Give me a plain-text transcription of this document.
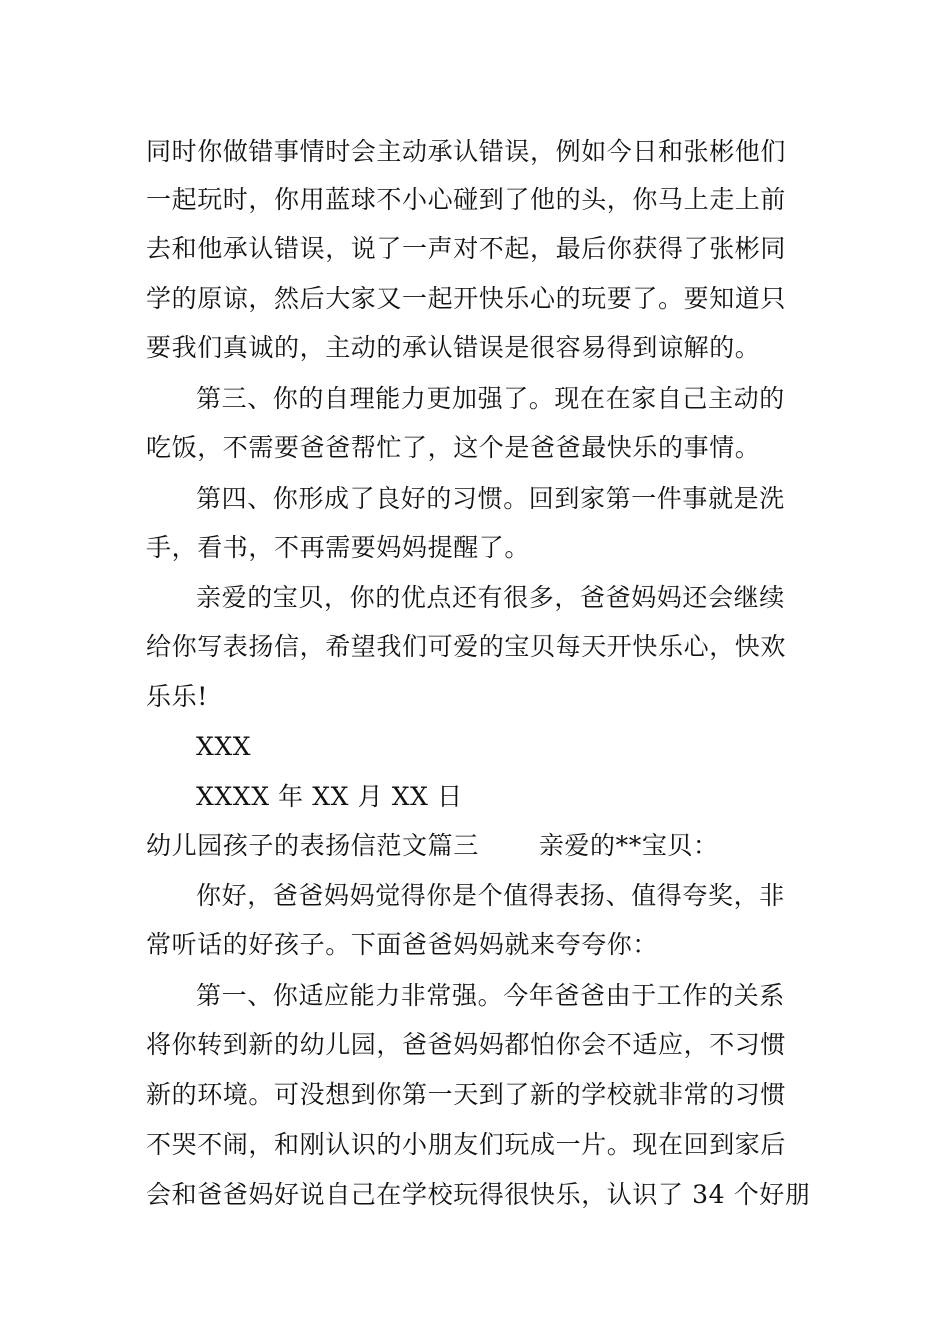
同时你做错事情时会主动承认错误，例如今日和张彬他们
一起玩时，你用蓝球不小心碰到了他的头，你马上走上前
去和他承认错误，说了一声对不起，最后你获得了张彬同
学的原谅，然后大家又一起开快乐心的玩要了。要知道只
要我们真诚的，主动的承认错误是很容易得到谅解的。
第三、你的自理能力更加强了。现在在家自己主动的
吃饭，不需要爸爸帮忙了，这个是爸爸最快乐的事情。
第四、你形成了良好的习惯。回到家第一件事就是洗
手，看书，不再需要妈妈提醒了。
亲爱的宝贝，你的优点还有很多，爸爸妈妈还会继续
给你写表扬信，希望我们可爱的宝贝每天开快乐心，快欢
乐乐!
XXX
XXXX 年 XX 月 XX 日
幼儿园孩子的表扬信范文篇三 亲爱的**宝贝：
你好，爸爸妈妈觉得你是个值得表扬、值得夸奖，非
常听话的好孩子。下面爸爸妈妈就来夸夸你：
第一、你适应能力非常强。今年爸爸由于工作的关系
将你转到新的幼儿园，爸爸妈妈都怕你会不适应，不习惯
新的环境。可没想到你第一天到了新的学校就非常的习惯
不哭不闹，和刚认识的小朋友们玩成一片。现在回到家后
会和爸爸妈好说自己在学校玩得很快乐，认识了 34 个好朋
